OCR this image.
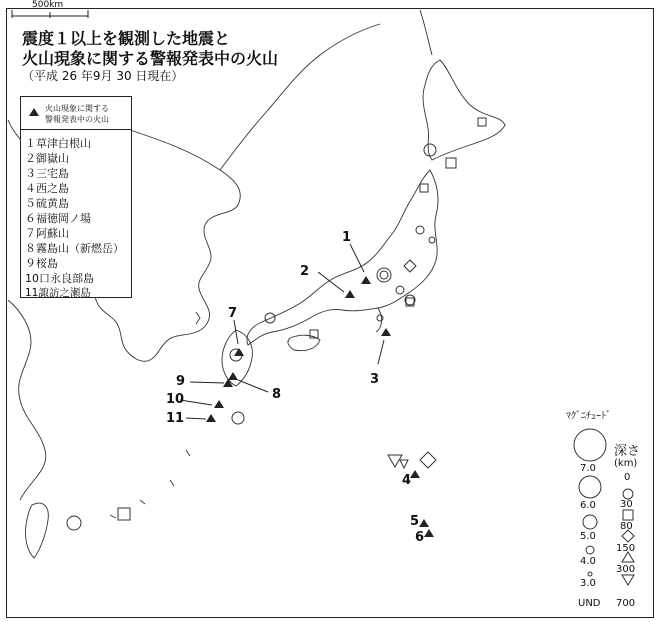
500km
震度１以上を観測した地震と
火山現象に関する警報発表中の火山
（平成 26 年9月 30 日現在）
火山現象に関する
警報発表中の火山
１草津白根山
２御嶽山
３三宅島
４西之島
５硫黄島
６福徳岡ノ場
７阿蘇山
８霧島山（新燃岳）
９桜島
10口永良部島
11諏訪之瀬島
1
2
3
4
5
6
7
8
9
10
11	ﾏｸﾞﾆﾁｭｰﾄﾞ
7.0
6.0
5.0
4.0
3.0
UND
深さ
(km)
0
30
80
150
300
700
